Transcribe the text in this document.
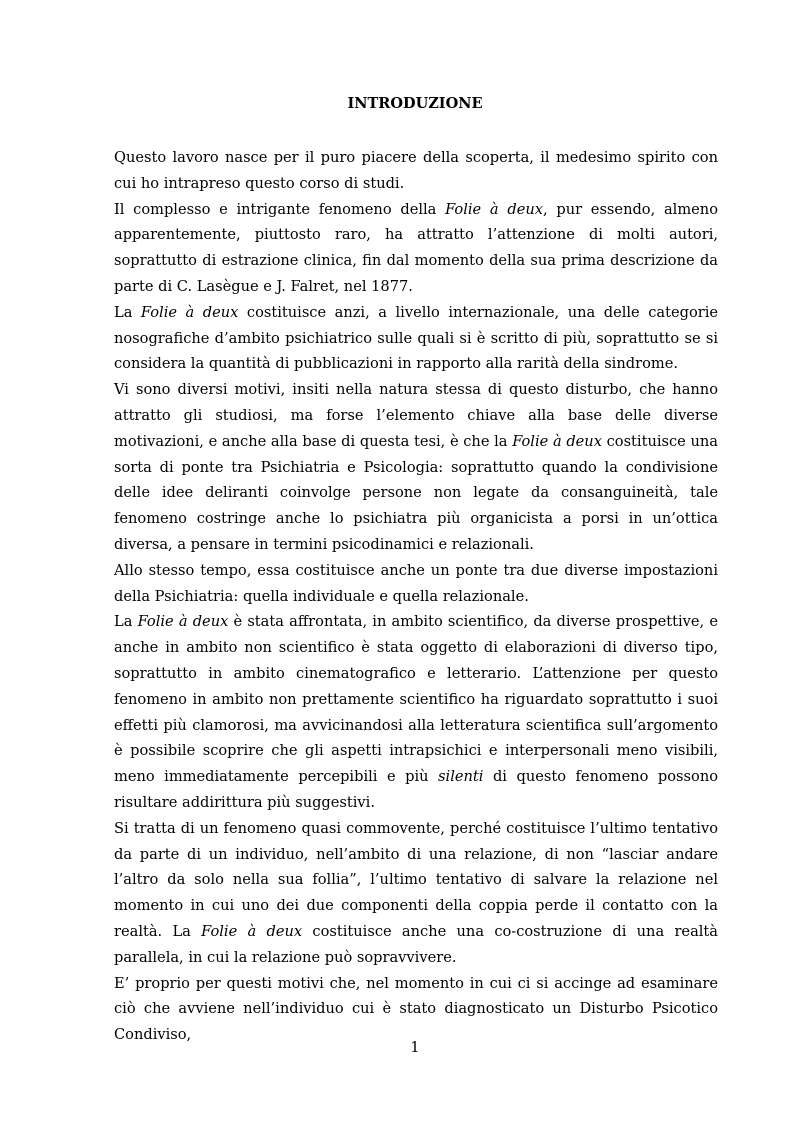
INTRODUZIONE

Questo lavoro nasce per il puro piacere della scoperta, il medesimo spirito con cui ho intrapreso questo corso di studi.

Il complesso e intrigante fenomeno della Folie à deux, pur essendo, almeno apparentemente, piuttosto raro, ha attratto l’attenzione di molti autori, soprattutto di estrazione clinica, fin dal momento della sua prima descrizione da parte di C. Lasègue e J. Falret, nel 1877.

La Folie à deux costituisce anzi, a livello internazionale, una delle categorie nosografiche d’ambito psichiatrico sulle quali si è scritto di più, soprattutto se si considera la quantità di pubblicazioni in rapporto alla rarità della sindrome.

Vi sono diversi motivi, insiti nella natura stessa di questo disturbo, che hanno attratto gli studiosi, ma forse l’elemento chiave alla base delle diverse motivazioni, e anche alla base di questa tesi, è che la Folie à deux costituisce una sorta di ponte tra Psichiatria e Psicologia: soprattutto quando la condivisione delle idee deliranti coinvolge persone non legate da consanguineità, tale fenomeno costringe anche lo psichiatra più organicista a porsi in un’ottica diversa, a pensare in termini psicodinamici e relazionali.

Allo stesso tempo, essa costituisce anche un ponte tra due diverse impostazioni della Psichiatria: quella individuale e quella relazionale.

La Folie à deux è stata affrontata, in ambito scientifico, da diverse prospettive, e anche in ambito non scientifico è stata oggetto di elaborazioni di diverso tipo, soprattutto in ambito cinematografico e letterario. L’attenzione per questo fenomeno in ambito non prettamente scientifico ha riguardato soprattutto i suoi effetti più clamorosi, ma avvicinandosi alla letteratura scientifica sull’argomento è possibile scoprire che gli aspetti intrapsichici e interpersonali meno visibili, meno immediatamente percepibili e più silenti di questo fenomeno possono risultare addirittura più suggestivi.

Si tratta di un fenomeno quasi commovente, perché costituisce l’ultimo tentativo da parte di un individuo, nell’ambito di una relazione, di non “lasciar andare l’altro da solo nella sua follia”, l’ultimo tentativo di salvare la relazione nel momento in cui uno dei due componenti della coppia perde il contatto con la realtà. La Folie à deux costituisce anche una co-costruzione di una realtà parallela, in cui la relazione può sopravvivere.

E’ proprio per questi motivi che, nel momento in cui ci si accinge ad esaminare ciò che avviene nell’individuo cui è stato diagnosticato un Disturbo Psicotico Condiviso,

1
